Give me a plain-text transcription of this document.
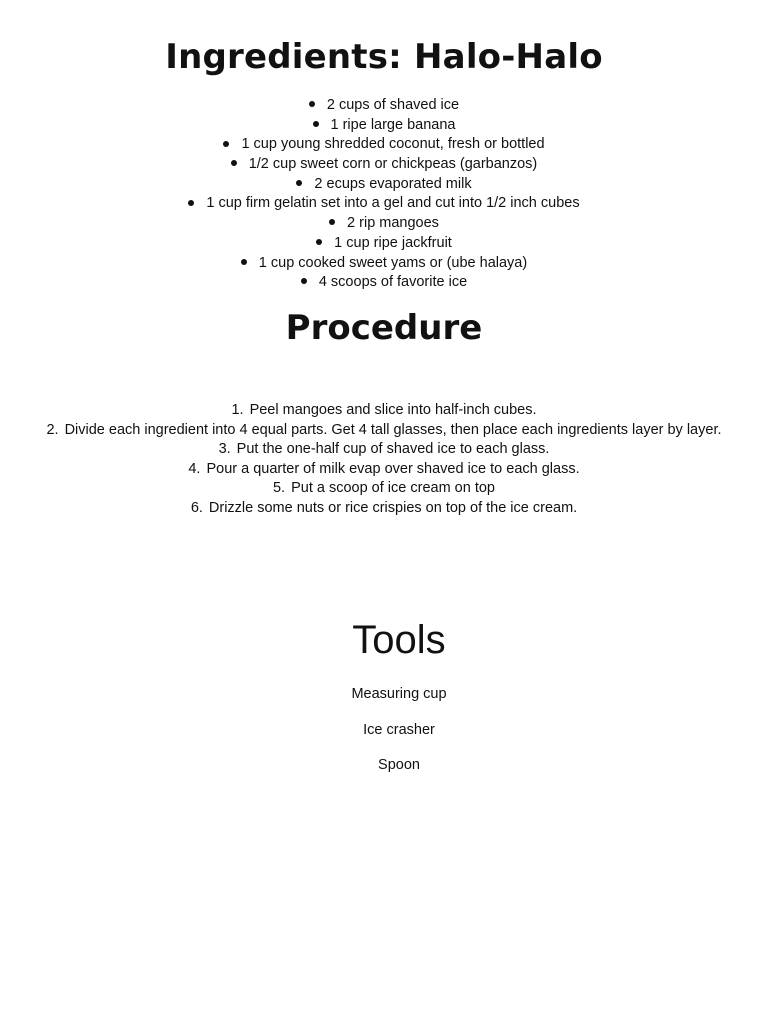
Ingredients: Halo-Halo
2 cups of shaved ice
1 ripe large banana
1 cup young shredded coconut, fresh or bottled
1/2 cup sweet corn or chickpeas (garbanzos)
2 ecups evaporated milk
1 cup firm gelatin set into a gel and cut into 1/2 inch cubes
2 rip mangoes
1 cup ripe jackfruit
1 cup cooked sweet yams or (ube halaya)
4 scoops of favorite ice
Procedure
1. Peel mangoes and slice into half-inch cubes.
2. Divide each ingredient into 4 equal parts. Get 4 tall glasses, then place each ingredients layer by layer.
3. Put the one-half cup of shaved ice to each glass.
4. Pour a quarter of milk evap over shaved ice to each glass.
5. Put a scoop of ice cream on top
6. Drizzle some nuts or rice crispies on top of the ice cream.
Tools
Measuring cup
Ice crasher
Spoon
